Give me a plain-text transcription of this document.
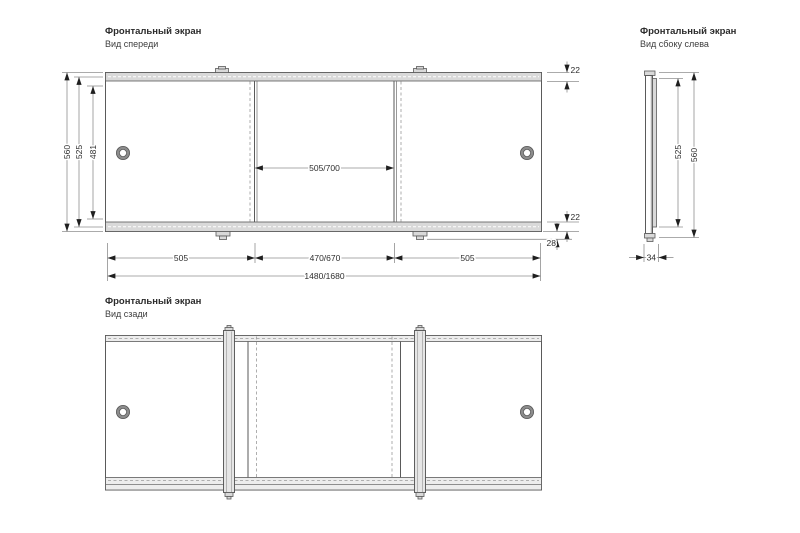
Фронтальный экран
Вид спереди
560 525 481
22
22
28
505/700
505	470/670	505
1480/1680
Фронтальный экран
Вид сбоку слева
525 560
34
Фронтальный экран
Вид сзади
